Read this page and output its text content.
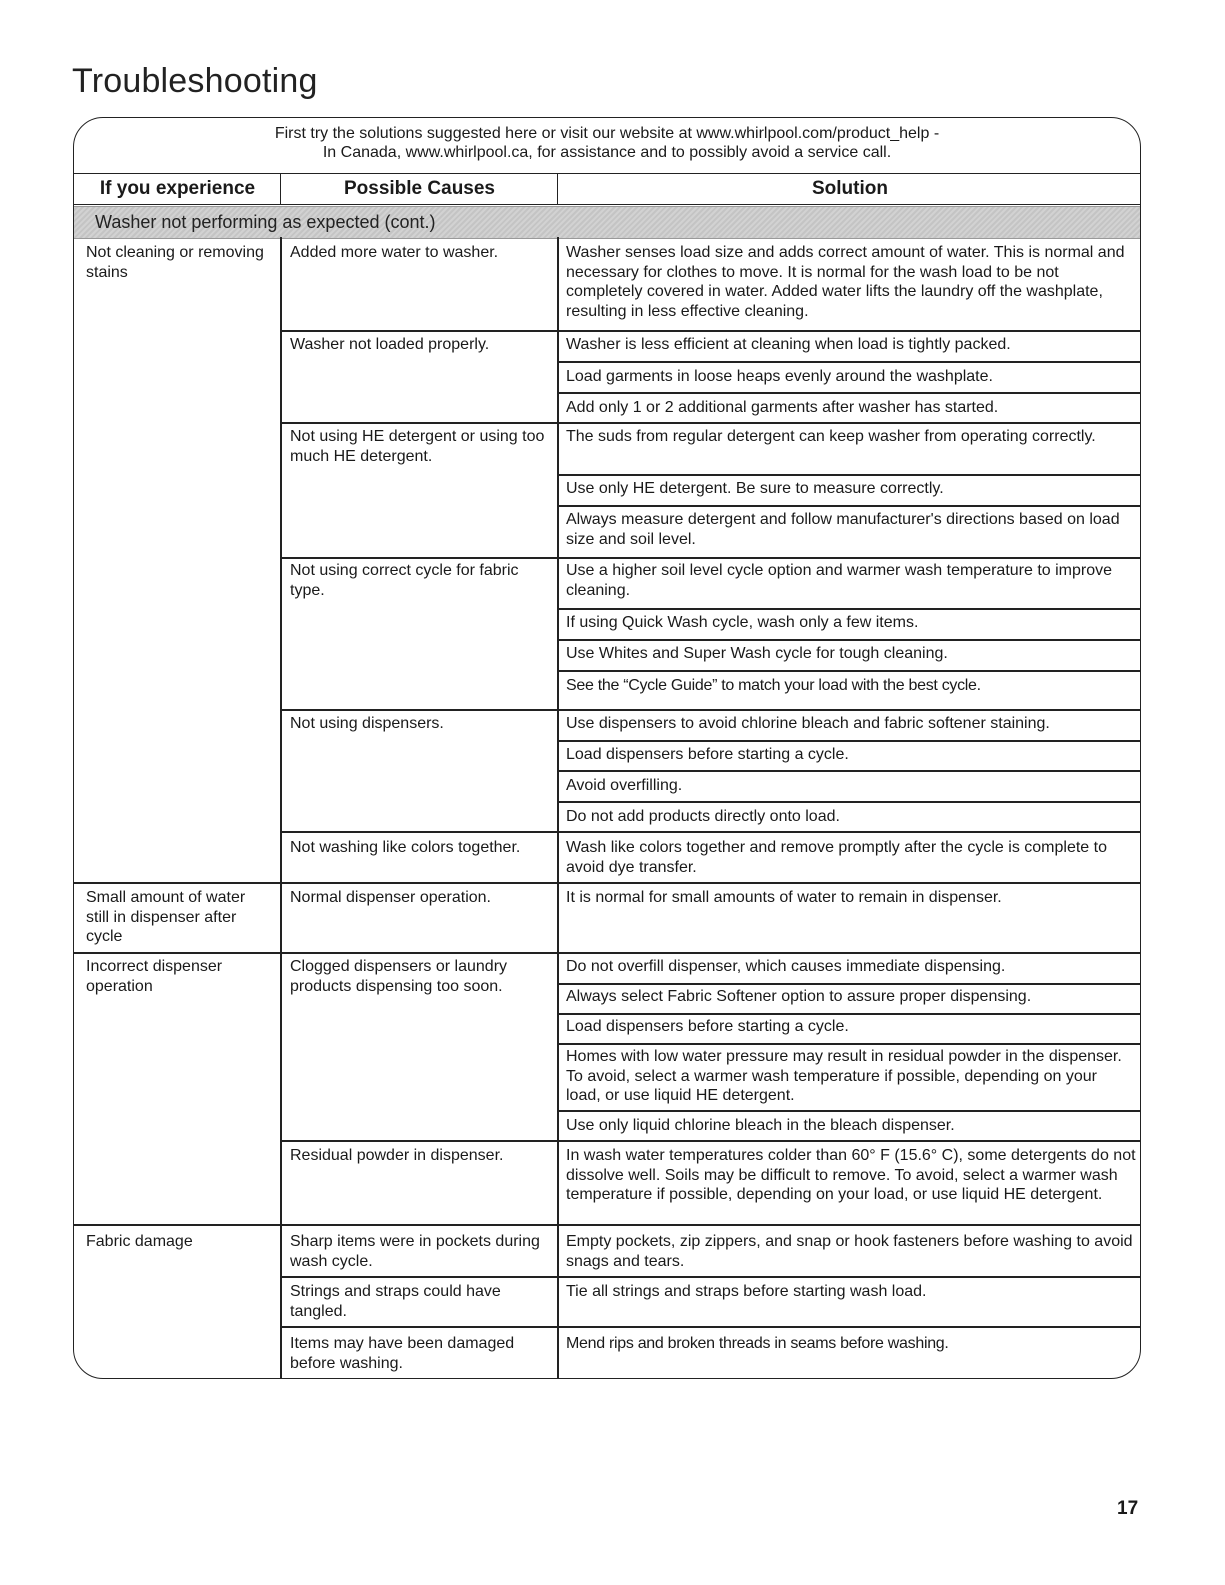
Troubleshooting
First try the solutions suggested here or visit our website at www.whirlpool.com/product_help -
In Canada, www.whirlpool.ca, for assistance and to possibly avoid a service call.
If you experience	Possible Causes	Solution
Washer not performing as expected (cont.)
Not cleaning or removing stains
Small amount of water still in dispenser after cycle
Incorrect dispenser operation
Fabric damage
Added more water to washer.
Washer not loaded properly.
Not using HE detergent or using too much HE detergent.
Not using correct cycle for fabric type.
Not using dispensers.
Not washing like colors together.
Normal dispenser operation.
Clogged dispensers or laundry products dispensing too soon.
Residual powder in dispenser.
Sharp items were in pockets during wash cycle.
Strings and straps could have tangled.
Items may have been damaged before washing.
Washer senses load size and adds correct amount of water. This is normal and necessary for clothes to move. It is normal for the wash load to be not completely covered in water. Added water lifts the laundry off the washplate, resulting in less effective cleaning.
Washer is less efficient at cleaning when load is tightly packed.
Load garments in loose heaps evenly around the washplate.
Add only 1 or 2 additional garments after washer has started.
The suds from regular detergent can keep washer from operating correctly.
Use only HE detergent. Be sure to measure correctly.
Always measure detergent and follow manufacturer's directions based on load size and soil level.
Use a higher soil level cycle option and warmer wash temperature to improve cleaning.
If using Quick Wash cycle, wash only a few items.
Use Whites and Super Wash cycle for tough cleaning.
See the “Cycle Guide” to match your load with the best cycle.
Use dispensers to avoid chlorine bleach and fabric softener staining.
Load dispensers before starting a cycle.
Avoid overfilling.
Do not add products directly onto load.
Wash like colors together and remove promptly after the cycle is complete to avoid dye transfer.
It is normal for small amounts of water to remain in dispenser.
Do not overfill dispenser, which causes immediate dispensing.
Always select Fabric Softener option to assure proper dispensing.
Load dispensers before starting a cycle.
Homes with low water pressure may result in residual powder in the dispenser. To avoid, select a warmer wash temperature if possible, depending on your load, or use liquid HE detergent.
Use only liquid chlorine bleach in the bleach dispenser.
In wash water temperatures colder than 60° F (15.6° C), some detergents do not dissolve well. Soils may be difficult to remove. To avoid, select a warmer wash temperature if possible, depending on your load, or use liquid HE detergent.
Empty pockets, zip zippers, and snap or hook fasteners before washing to avoid snags and tears.
Tie all strings and straps before starting wash load.
Mend rips and broken threads in seams before washing.
17
